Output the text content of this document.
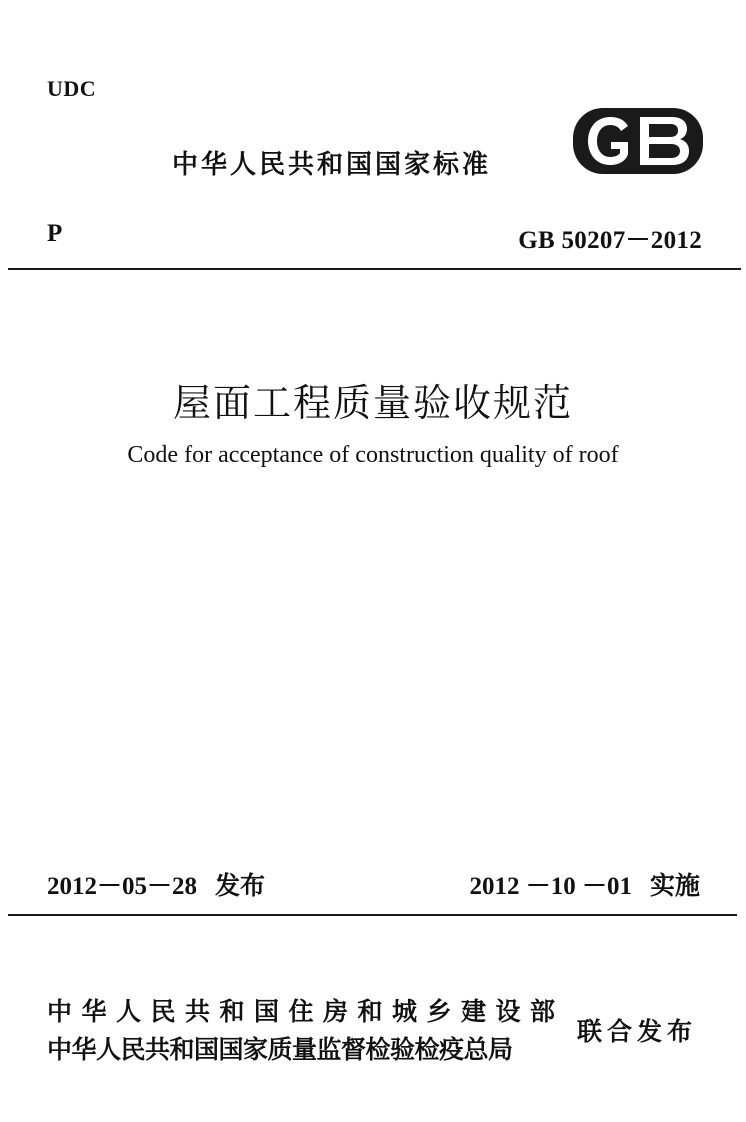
UDC
中华人民共和国国家标准
P	GB 50207－2012
屋面工程质量验收规范
Code for acceptance of construction quality of roof
2012－05－28 发布	2012 －10 －01 实施
中华人民共和国住房和城乡建设部
中华人民共和国国家质量监督检验检疫总局
联合发布
